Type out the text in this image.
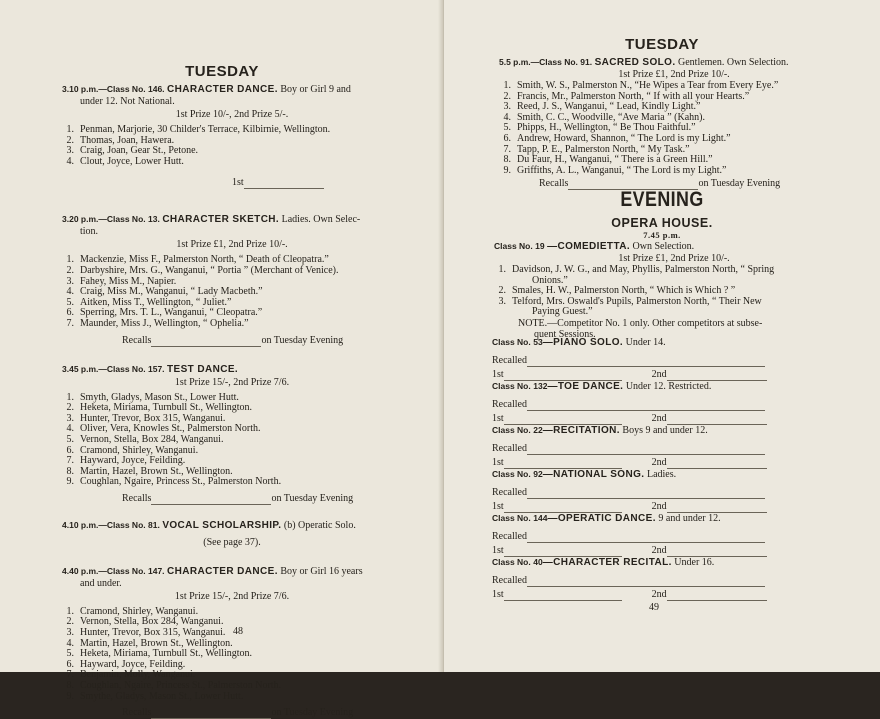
TUESDAY
3.10 p.m.—Class No. 146. CHARACTER DANCE. Boy or Girl 9 and
under 12. Not National.
1st Prize 10/-, 2nd Prize 5/-.
1. Penman, Marjorie, 30 Childer's Terrace, Kilbirnie, Wellington.
2. Thomas, Joan, Hawera.
3. Craig, Joan, Gear St., Petone.
4. Clout, Joyce, Lower Hutt.
1st
3.20 p.m.—Class No. 13. CHARACTER SKETCH. Ladies. Own Selec-
tion.
1st Prize £1, 2nd Prize 10/-.
1. Mackenzie, Miss F., Palmerston North, “ Death of Cleopatra.”
2. Darbyshire, Mrs. G., Wanganui, “ Portia ” (Merchant of Venice).
3. Fahey, Miss M., Napier.
4. Craig, Miss M., Wanganui, “ Lady Macbeth.”
5. Aitken, Miss T., Wellington, “ Juliet.”
6. Sperring, Mrs. T. L., Wanganui, “ Cleopatra.”
7. Maunder, Miss J., Wellington, “ Ophelia.”
Recalls	on Tuesday Evening
3.45 p.m.—Class No. 157. TEST DANCE.
1st Prize 15/-, 2nd Prize 7/6.
1. Smyth, Gladys, Mason St., Lower Hutt.
2. Heketa, Miriama, Turnbull St., Wellington.
3. Hunter, Trevor, Box 315, Wanganui.
4. Oliver, Vera, Knowles St., Palmerston North.
5. Vernon, Stella, Box 284, Wanganui.
6. Cramond, Shirley, Wanganui.
7. Hayward, Joyce, Feilding.
8. Martin, Hazel, Brown St., Wellington.
9. Coughlan, Ngaire, Princess St., Palmerston North.
Recalls	on Tuesday Evening
4.10 p.m.—Class No. 81. VOCAL SCHOLARSHIP. (b) Operatic Solo.
(See page 37).
4.40 p.m.—Class No. 147. CHARACTER DANCE. Boy or Girl 16 years
and under.
1st Prize 15/-, 2nd Prize 7/6.
1. Cramond, Shirley, Wanganui.
2. Vernon, Stella, Box 284, Wanganui.
3. Hunter, Trevor, Box 315, Wanganui.
4. Martin, Hazel, Brown St., Wellington.
5. Heketa, Miriama, Turnbull St., Wellington.
6. Hayward, Joyce, Feilding.
7. Benjamin, Molly, Wanganui.
8. Coughlan, Ngaire, Princess St., Palmerston North.
9. Smythe, Gladys, Mason St., Lower Hutt.
Recalls	on Tuesday Evening
48
TUESDAY
5.5 p.m.—Class No. 91. SACRED SOLO. Gentlemen. Own Selection.
1st Prize £1, 2nd Prize 10/-.
1. Smith, W. S., Palmerston N., “He Wipes a Tear from Every Eye.”
2. Francis, Mr., Palmerston North, “ If with all your Hearts.”
3. Reed, J. S., Wanganui, “ Lead, Kindly Light.”
4. Smith, C. C., Woodville, “Ave Maria ” (Kahn).
5. Phipps, H., Wellington, “ Be Thou Faithful.”
6. Andrew, Howard, Shannon, “ The Lord is my Light.”
7. Tapp, P. E., Palmerston North, “ My Task.”
8. Du Faur, H., Wanganui, “ There is a Green Hill.”
9. Griffiths, A. L., Wanganui, “ The Lord is my Light.”
Recalls	on Tuesday Evening
EVENING
OPERA HOUSE.
7.45 p.m.
Class No. 19 —COMEDIETTA. Own Selection.
1st Prize £1, 2nd Prize 10/-.
1. Davidson, J. W. G., and May, Phyllis, Palmerston North, “ Spring
Onions.”
2. Smales, H. W., Palmerston North, “ Which is Which ? ”
3. Telford, Mrs. Oswald's Pupils, Palmerston North, “ Their New
Paying Guest.”
NOTE.—Competitor No. 1 only. Other competitors at subse-
quent Sessions.
Class No. 53—PIANO SOLO. Under 14.
Recalled
1st	2nd
Class No. 132—TOE DANCE. Under 12. Restricted.
Recalled
1st	2nd
Class No. 22—RECITATION. Boys 9 and under 12.
Recalled
1st	2nd
Class No. 92—NATIONAL SONG. Ladies.
Recalled
1st	2nd
Class No. 144—OPERATIC DANCE. 9 and under 12.
Recalled
1st	2nd
Class No. 40—CHARACTER RECITAL. Under 16.
Recalled
1st	2nd
49
